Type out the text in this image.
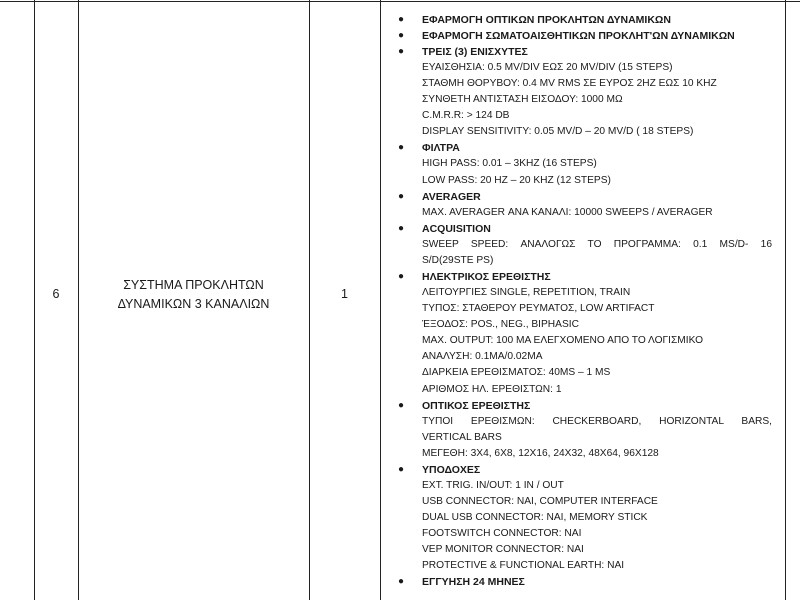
6
ΣΥΣΤΗΜΑ ΠΡΟΚΛΗΤΩΝ
ΔΥΝΑΜΙΚΩΝ 3 ΚΑΝΑΛΙΩΝ
1
● ΕΦΑΡΜΟΓΗ ΟΠΤΙΚΩΝ ΠΡΟΚΛΗΤΩΝ ΔΥΝΑΜΙΚΩΝ
● ΕΦΑΡΜΟΓΗ ΣΩΜΑΤΟΑΙΣΘΗΤΙΚΩΝ ΠΡΟΚΛΗΤ'ΩΝ ΔΥΝΑΜΙΚΩΝ
● ΤΡΕΙΣ (3) ΕΝΙΣΧΥΤΕΣ
ΕΥΑΙΣΘΗΣΙΑ: 0.5 MV/DIV ΕΩΣ 20 MV/DIV (15 STEPS)
ΣΤΑΘΜΗ ΘΟΡΥΒΟΥ: 0.4 MV RMS ΣΕ ΕΥΡΟΣ 2HZ ΕΩΣ 10 KHZ
ΣΥΝΘΕΤΗ ΑΝΤΙΣΤΑΣΗ ΕΙΣΟΔΟΥ: 1000 ΜΩ
C.M.R.R: > 124 DB
DISPLAY SENSITIVITY: 0.05 MV/D – 20 MV/D ( 18 STEPS)
● ΦΙΛΤΡΑ
HIGH PASS: 0.01 – 3KHZ (16 STEPS)
LOW PASS: 20 HZ – 20 KHZ (12 STEPS)
● AVERAGER
MAX. AVERAGER ΑΝΑ ΚΑΝΑΛΙ: 10000 SWEEPS / AVERAGER
● ACQUISITION
SWEEP SPEED: ΑΝΑΛΟΓΩΣ ΤΟ ΠΡΟΓΡΑΜΜΑ: 0.1 MS/D- 16
S/D(29STE PS)
● ΗΛΕΚΤΡΙΚΟΣ ΕΡΕΘΙΣΤΗΣ
ΛΕΙΤΟΥΡΓΙΕΣ SINGLE, REPETITION, TRAIN
ΤΥΠΟΣ: ΣΤΑΘΕΡΟΥ ΡΕΥΜΑΤΟΣ, LOW ARTIFACT
ΈΞΟΔΟΣ: POS., NEG., BIPHASIC
MAX. OUTPUT: 100 MA ΕΛΕΓΧΟΜΕΝΟ ΑΠΟ ΤΟ ΛΟΓΙΣΜΙΚΟ
ΑΝΑΛΥΣΗ: 0.1MA/0.02MA
ΔΙΑΡΚΕΙΑ ΕΡΕΘΙΣΜΑΤΟΣ: 40MS – 1 MS
ΑΡΙΘΜΟΣ ΗΛ. ΕΡΕΘΙΣΤΩΝ: 1
● ΟΠΤΙΚΟΣ ΕΡΕΘΙΣΤΗΣ
ΤΥΠΟΙ ΕΡΕΘΙΣΜΩΝ: CHECKERBOARD, HORIZONTAL BARS,
VERTICAL BARS
ΜΕΓΕΘΗ: 3X4, 6X8, 12X16, 24X32, 48X64, 96X128
● ΥΠΟΔΟΧΕΣ
EXT. TRIG. IN/OUT: 1 IN / OUT
USB CONNECTOR: NAI, COMPUTER INTERFACE
DUAL USB CONNECTOR: NAI, MEMORY STICK
FOOTSWITCH CONNECTOR: NAI
VEP MONITOR CONNECTOR: NAI
PROTECTIVE & FUNCTIONAL EARTH: NAI
● ΕΓΓΥΗΣΗ 24 ΜΗΝΕΣ
